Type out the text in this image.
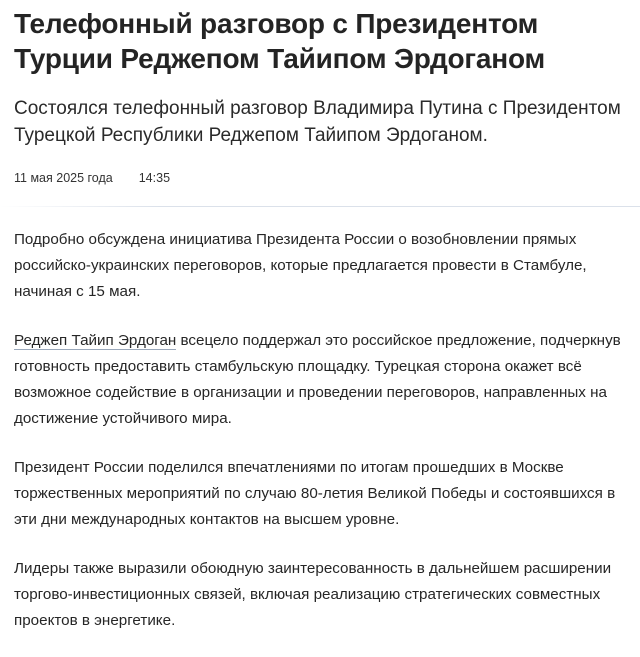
Телефонный разговор с Президентом Турции Реджепом Тайипом Эрдоганом

Состоялся телефонный разговор Владимира Путина с Президентом Турецкой Республики Реджепом Тайипом Эрдоганом.

11 мая 2025 года 14:35

Подробно обсуждена инициатива Президента России о возобновлении прямых российско-украинских переговоров, которые предлагается провести в Стамбуле, начиная с 15 мая.

Реджеп Тайип Эрдоган всецело поддержал это российское предложение, подчеркнув готовность предоставить стамбульскую площадку. Турецкая сторона окажет всё возможное содействие в организации и проведении переговоров, направленных на достижение устойчивого мира.

Президент России поделился впечатлениями по итогам прошедших в Москве торжественных мероприятий по случаю 80-летия Великой Победы и состоявшихся в эти дни международных контактов на высшем уровне.

Лидеры также выразили обоюдную заинтересованность в дальнейшем расширении торгово-инвестиционных связей, включая реализацию стратегических совместных проектов в энергетике.
